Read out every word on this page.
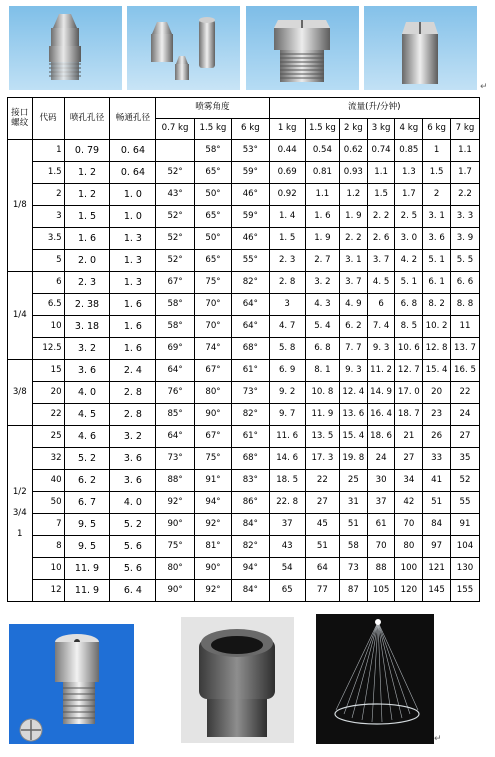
接口螺纹	代码	喷孔孔径	畅通孔径	喷雾角度			流量(升/分钟)						
				0.7 kg	1.5 kg	6 kg	1 kg	1.5 kg	2 kg	3 kg	4 kg	6 kg	7 kg
1/8	1	0. 79	0. 64		58°	53°	0.44	0.54	0.62	0.74	0.85	1	1.1
	1.5	1. 2	0. 64	52°	65°	59°	0.69	0.81	0.93	1.1	1.3	1.5	1.7
	2	1. 2	1. 0	43°	50°	46°	0.92	1.1	1.2	1.5	1.7	2	2.2
	3	1. 5	1. 0	52°	65°	59°	1. 4	1. 6	1. 9	2. 2	2. 5	3. 1	3. 3
	3.5	1. 6	1. 3	52°	50°	46°	1. 5	1. 9	2. 2	2. 6	3. 0	3. 6	3. 9
	5	2. 0	1. 3	52°	65°	55°	2. 3	2. 7	3. 1	3. 7	4. 2	5. 1	5. 5
1/4	6	2. 3	1. 3	67°	75°	82°	2. 8	3. 2	3. 7	4. 5	5. 1	6. 1	6. 6
	6.5	2. 38	1. 6	58°	70°	64°	3	4. 3	4. 9	6	6. 8	8. 2	8. 8
	10	3. 18	1. 6	58°	70°	64°	4. 7	5. 4	6. 2	7. 4	8. 5	10. 2	11
	12.5	3. 2	1. 6	69°	74°	68°	5. 8	6. 8	7. 7	9. 3	10. 6	12. 8	13. 7
3/8	15	3. 6	2. 4	64°	67°	61°	6. 9	8. 1	9. 3	11. 2	12. 7	15. 4	16. 5
	20	4. 0	2. 8	76°	80°	73°	9. 2	10. 8	12. 4	14. 9	17. 0	20	22
	22	4. 5	2. 8	85°	90°	82°	9. 7	11. 9	13. 6	16. 4	18. 7	23	24

1/2
3/4
1	25	4. 6	3. 2	64°	67°	61°	11. 6	13. 5	15. 4	18. 6	21	26	27
	32	5. 2	3. 6	73°	75°	68°	14. 6	17. 3	19. 8	24	27	33	35
	40	6. 2	3. 6	88°	91°	83°	18. 5	22	25	30	34	41	52
	50	6. 7	4. 0	92°	94°	86°	22. 8	27	31	37	42	51	55
	7	9. 5	5. 2	90°	92°	84°	37	45	51	61	70	84	91
	8	9. 5	5. 6	75°	81°	82°	43	51	58	70	80	97	104
	10	11. 9	5. 6	80°	90°	94°	54	64	73	88	100	121	130
	12	11. 9	6. 4	90°	92°	84°	65	77	87	105	120	145	155
↵
↵
